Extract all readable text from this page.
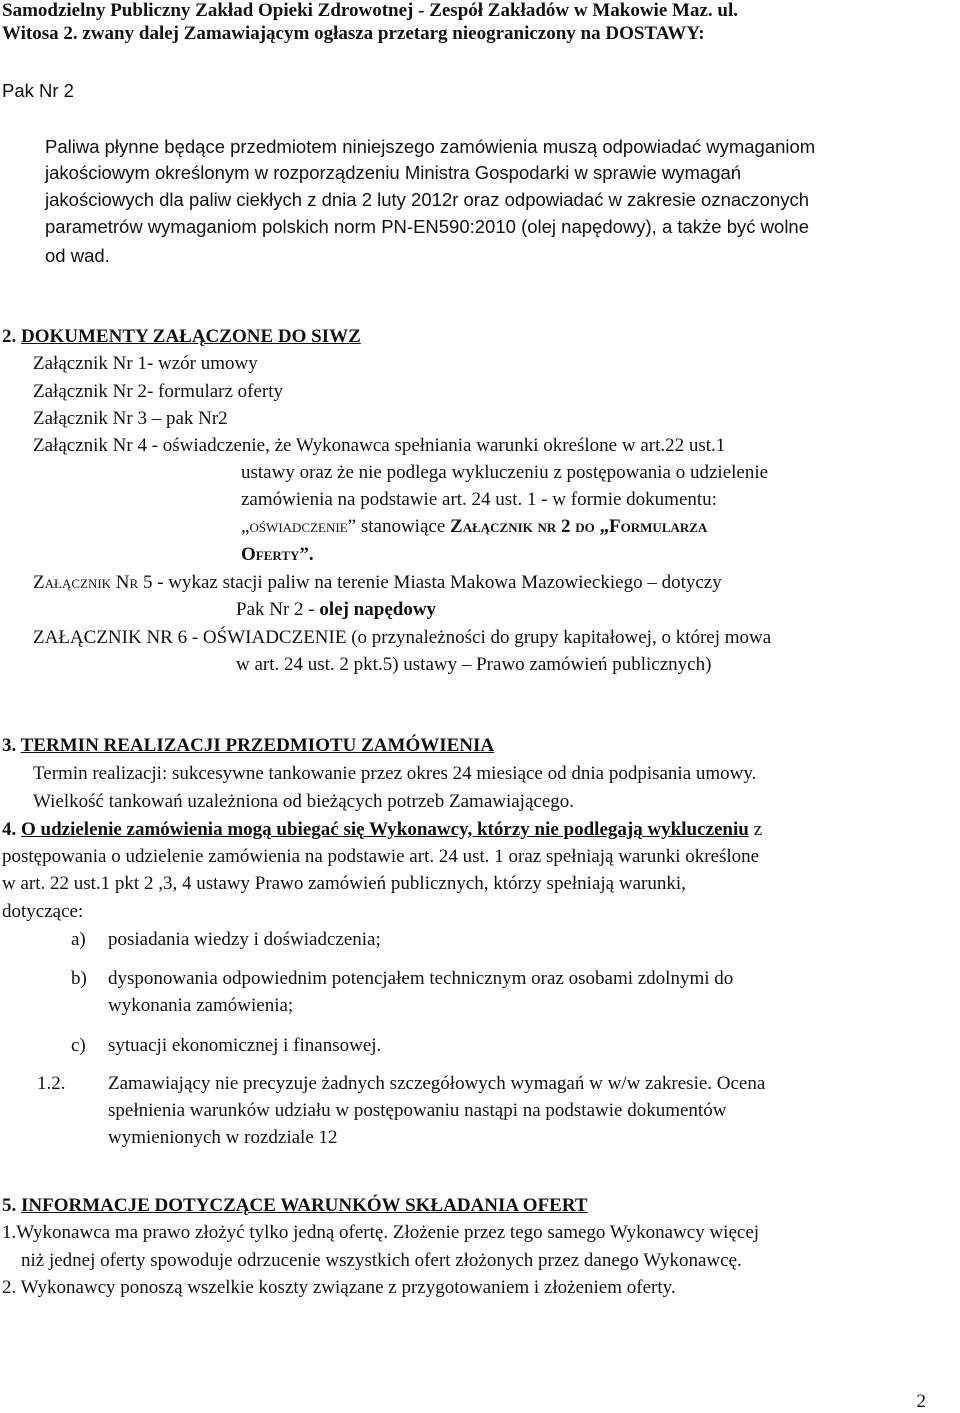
Samodzielny Publiczny Zakład Opieki Zdrowotnej - Zespół Zakładów w Makowie Maz. ul.
Witosa 2. zwany dalej Zamawiającym ogłasza przetarg nieograniczony na DOSTAWY:
Pak Nr 2
Paliwa płynne będące przedmiotem niniejszego zamówienia muszą odpowiadać wymaganiom
jakościowym określonym w rozporządzeniu Ministra Gospodarki w sprawie wymagań
jakościowych dla paliw ciekłych z dnia 2 luty 2012r oraz odpowiadać w zakresie oznaczonych
parametrów wymaganiom polskich norm PN-EN590:2010 (olej napędowy), a także być wolne
od wad.
2. DOKUMENTY ZAŁĄCZONE DO SIWZ
Załącznik Nr 1- wzór umowy
Załącznik Nr 2- formularz oferty
Załącznik Nr 3 – pak Nr2
Załącznik Nr 4 - oświadczenie, że Wykonawca spełniania warunki określone w art.22 ust.1
ustawy oraz że nie podlega wykluczeniu z postępowania o udzielenie
zamówienia na podstawie art. 24 ust. 1 - w formie dokumentu:
„OŚWIADCZENIE” stanowiące ZAŁĄCZNIK NR 2 DO „FORMULARZA
OFERTY”.
ZAŁĄCZNIK NR 5 - wykaz stacji paliw na terenie Miasta Makowa Mazowieckiego – dotyczy
Pak Nr 2 - olej napędowy
ZAŁĄCZNIK NR 6 - OŚWIADCZENIE (o przynależności do grupy kapitałowej, o której mowa
w art. 24 ust. 2 pkt.5) ustawy – Prawo zamówień publicznych)
3. TERMIN REALIZACJI PRZEDMIOTU ZAMÓWIENIA
Termin realizacji: sukcesywne tankowanie przez okres 24 miesiące od dnia podpisania umowy.
Wielkość tankowań uzależniona od bieżących potrzeb Zamawiającego.
4. O udzielenie zamówienia mogą ubiegać się Wykonawcy, którzy nie podlegają wykluczeniu z
postępowania o udzielenie zamówienia na podstawie art. 24 ust. 1 oraz spełniają warunki określone
w art. 22 ust.1 pkt 2 ,3, 4 ustawy Prawo zamówień publicznych, którzy spełniają warunki,
dotyczące:
a) posiadania wiedzy i doświadczenia;
b) dysponowania odpowiednim potencjałem technicznym oraz osobami zdolnymi do
wykonania zamówienia;
c) sytuacji ekonomicznej i finansowej.
1.2. Zamawiający nie precyzuje żadnych szczegółowych wymagań w w/w zakresie. Ocena
spełnienia warunków udziału w postępowaniu nastąpi na podstawie dokumentów
wymienionych w rozdziale 12
5. INFORMACJE DOTYCZĄCE WARUNKÓW SKŁADANIA OFERT
1.Wykonawca ma prawo złożyć tylko jedną ofertę. Złożenie przez tego samego Wykonawcy więcej
niż jednej oferty spowoduje odrzucenie wszystkich ofert złożonych przez danego Wykonawcę.
2. Wykonawcy ponoszą wszelkie koszty związane z przygotowaniem i złożeniem oferty.
2
